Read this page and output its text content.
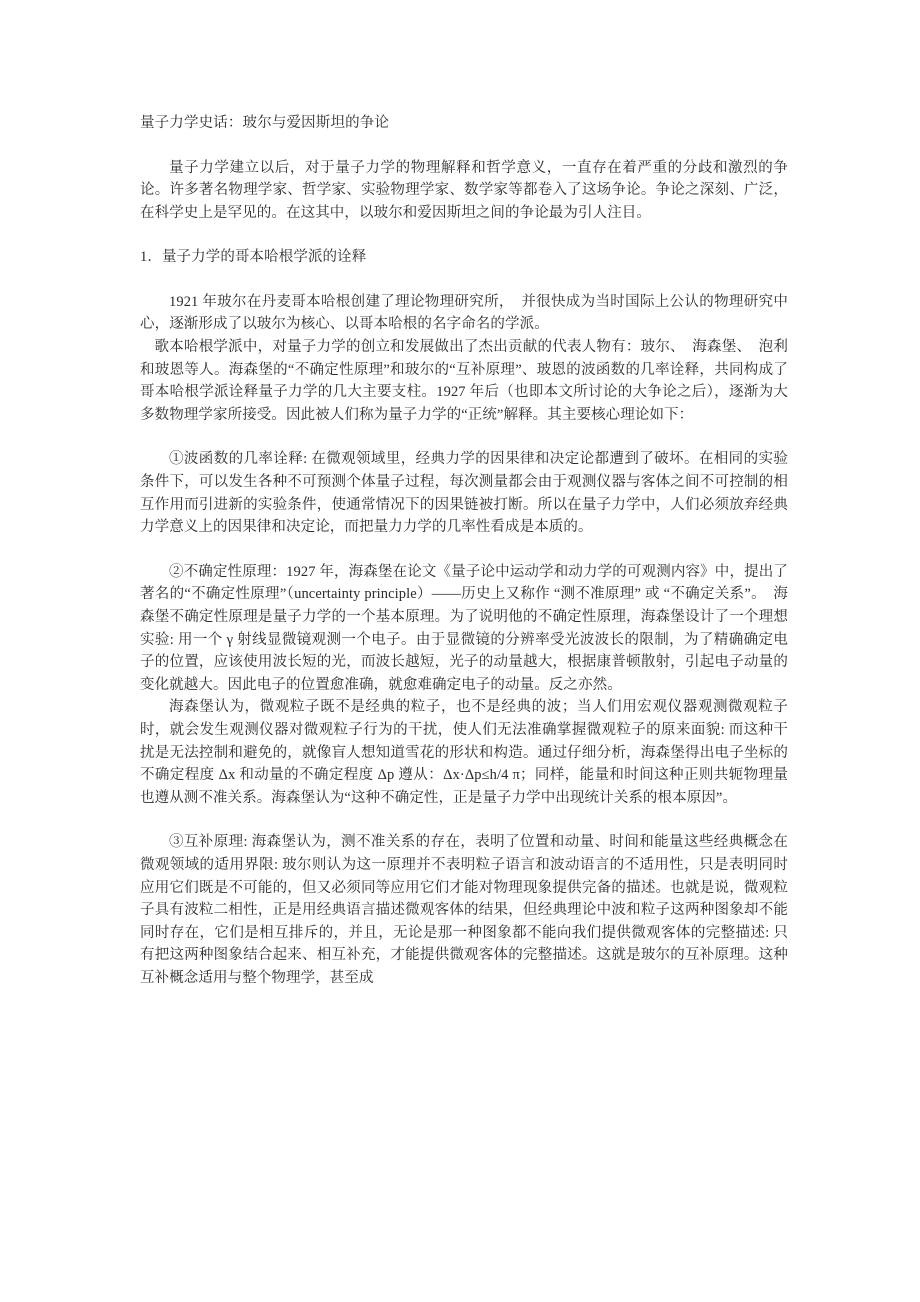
量子力学史话：玻尔与爱因斯坦的争论

量子力学建立以后，对于量子力学的物理解释和哲学意义，一直存在着严重的分歧和激烈的争论。许多著名物理学家、哲学家、实验物理学家、数学家等都卷入了这场争论。争论之深刻、广泛，在科学史上是罕见的。在这其中，以玻尔和爱因斯坦之间的争论最为引人注目。

1．量子力学的哥本哈根学派的诠释

1921 年玻尔在丹麦哥本哈根创建了理论物理研究所，　并很快成为当时国际上公认的物理研究中心，逐渐形成了以玻尔为核心、以哥本哈根的名字命名的学派。

歌本哈根学派中，对量子力学的创立和发展做出了杰出贡献的代表人物有：玻尔、　海森堡、　泡利和玻恩等人。海森堡的“不确定性原理”和玻尔的“互补原理”、玻恩的波函数的几率诠释，共同构成了哥本哈根学派诠释量子力学的几大主要支柱。1927 年后（也即本文所讨论的大争论之后），逐渐为大多数物理学家所接受。因此被人们称为量子力学的“正统”解释。其主要核心理论如下：

①波函数的几率诠释: 在微观领域里，经典力学的因果律和决定论都遭到了破坏。在相同的实验条件下，可以发生各种不可预测个体量子过程，每次测量都会由于观测仪器与客体之间不可控制的相互作用而引进新的实验条件，使通常情况下的因果链被打断。所以在量子力学中，人们必须放弃经典力学意义上的因果律和决定论，而把量力力学的几率性看成是本质的。

②不确定性原理：1927 年，海森堡在论文《量子论中运动学和动力学的可观测内容》中，提出了著名的“不确定性原理”（uncertainty principle）——历史上又称作 “测不准原理” 或 “不确定关系”。　海森堡不确定性原理是量子力学的一个基本原理。为了说明他的不确定性原理，海森堡设计了一个理想实验: 用一个 γ 射线显微镜观测一个电子。由于显微镜的分辨率受光波波长的限制，为了精确确定电子的位置，应该使用波长短的光，而波长越短，光子的动量越大，根据康普顿散射，引起电子动量的变化就越大。因此电子的位置愈准确，就愈难确定电子的动量。反之亦然。

海森堡认为，微观粒子既不是经典的粒子，也不是经典的波；当人们用宏观仪器观测微观粒子时，就会发生观测仪器对微观粒子行为的干扰，使人们无法准确掌握微观粒子的原来面貌: 而这种干扰是无法控制和避免的，就像盲人想知道雪花的形状和构造。通过仔细分析，海森堡得出电子坐标的不确定程度 Δx 和动量的不确定程度 Δp 遵从：Δx·Δp≤h/4 π；同样，能量和时间这种正则共轭物理量也遵从测不准关系。海森堡认为“这种不确定性，正是量子力学中出现统计关系的根本原因”。

③互补原理: 海森堡认为，测不准关系的存在，表明了位置和动量、时间和能量这些经典概念在微观领域的适用界限: 玻尔则认为这一原理并不表明粒子语言和波动语言的不适用性，只是表明同时应用它们既是不可能的，但又必须同等应用它们才能对物理现象提供完备的描述。也就是说，微观粒子具有波粒二相性，正是用经典语言描述微观客体的结果，但经典理论中波和粒子这两种图象却不能同时存在，它们是相互排斥的，并且，无论是那一种图象都不能向我们提供微观客体的完整描述: 只有把这两种图象结合起来、相互补充，才能提供微观客体的完整描述。这就是玻尔的互补原理。这种互补概念适用与整个物理学，甚至成
